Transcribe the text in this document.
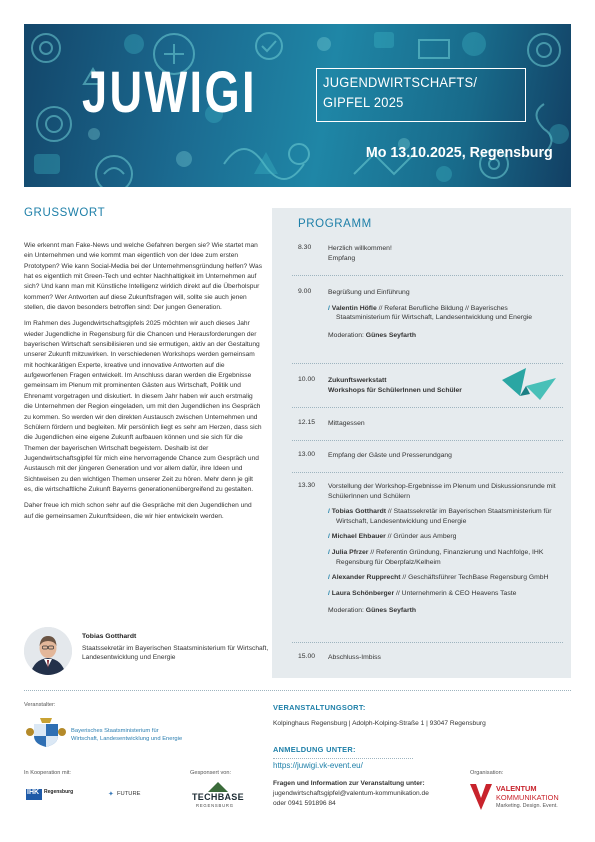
JUWIGI	JUGENDWIRTSCHAFTS/
GIPFEL 2025
Mo 13.10.2025, Regensburg
GRUSSWORT

Wie erkennt man Fake-News und welche Gefahren bergen sie? Wie startet man ein Unternehmen und wie kommt man eigentlich von der Idee zum ersten Prototypen? Wie kann Social-Media bei der Unternehmensgründung helfen? Was hat es eigentlich mit Green-Tech und echter Nachhaltigkeit im Unternehmen auf sich? Und kann man mit Künstliche Intelligenz wirklich direkt auf die Überholspur kommen? Wer Antworten auf diese Zukunftsfragen will, sollte sie auch jenen stellen, die davon besonders betroffen sind: Der jungen Generation.

Im Rahmen des Jugendwirtschaftsgipfels 2025 möchten wir auch dieses Jahr wieder Jugendliche in Regensburg für die Chancen und Herausforderungen der bayerischen Wirtschaft sensibilisieren und sie ermutigen, aktiv an der Gestaltung unserer Zukunft mitzuwirken. In verschiedenen Workshops werden gemeinsam mit hochkarätigen Experte, kreative und innovative Antworten auf die aufgeworfenen Fragen entwickelt. Im Anschluss daran werden die Ergebnisse gemeinsam im Plenum mit prominenten Gästen aus Wirtschaft, Politik und Ehrenamt vorgetragen und diskutiert. In diesem Jahr haben wir auch erstmalig die Unternehmen der Region eingeladen, um mit den Jugendlichen ins Gespräch zu kommen. So werden wir den direkten Austausch zwischen Unternehmen und Schülern fördern und begleiten. Mir persönlich liegt es sehr am Herzen, dass sich die Jugendlichen eine eigene Zukunft aufbauen können und sie sich für die Themen der bayerischen Wirtschaft begeistern. Deshalb ist der Jugendwirtschaftsgipfel für mich eine hervorragende Chance zum Gespräch und Austausch mit der jüngeren Generation und vor allem dafür, ihre Ideen und Sichtweisen zu den wichtigen Themen unserer Zeit zu hören. Mehr denn je gilt es, die wirtschaftliche Zukunft Bayerns generationenübergreifend zu gestalten.

Daher freue ich mich schon sehr auf die Gespräche mit den Jugendlichen und auf die gemeinsamen Zukunftsideen, die wir hier entwickeln werden.

Tobias Gotthardt
Staatssekretär im Bayerischen Staatsministerium für Wirtschaft, Landesentwicklung und Energie
PROGRAMM
8.30 Herzlich willkommen!
Empfang
9.00 Begrüßung und Einführung
/ Valentin Höfle // Referat Berufliche Bildung // Bayerisches Staatsministerium für Wirtschaft, Landesentwicklung und Energie
Moderation: Günes Seyfarth
10.00 Zukunftswerkstatt
Workshops für SchülerInnen und Schüler
12.15 Mittagessen
13.00 Empfang der Gäste und Presserundgang
13.30 Vorstellung der Workshop-Ergebnisse im Plenum und Diskussionsrunde mit SchülerInnen und Schülern
/ Tobias Gotthardt // Staatssekretär im Bayerischen Staatsministerium für Wirtschaft, Landesentwicklung und Energie
/ Michael Ehbauer // Gründer aus Amberg
/ Julia Pfrzer // Referentin Gründung, Finanzierung und Nachfolge, IHK Regensburg für Oberpfalz/Kelheim
/ Alexander Rupprecht // Geschäftsführer TechBase Regensburg GmbH
/ Laura Schönberger // Unternehmerin & CEO Heavens Taste
Moderation: Günes Seyfarth
15.00 Abschluss-Imbiss
Veranstalter:
Bayerisches Staatsministerium für
Wirtschaft, Landesentwicklung und Energie
In Kooperation mit:
IHK Regensburg	✦ FUTURE
Gesponsert von:
TECHBASE
REGENSBURG
VERANSTALTUNGSORT:
Kolpinghaus Regensburg | Adolph-Kolping-Straße 1 | 93047 Regensburg
ANMELDUNG UNTER:
https://juwigi.vk-event.eu/
Fragen und Information zur Veranstaltung unter:
jugendwirtschaftsgipfel@valentum-kommunikation.de
oder 0941 591896 84
Organisation:
VALENTUM
KOMMUNIKATION
Marketing. Design. Event.
